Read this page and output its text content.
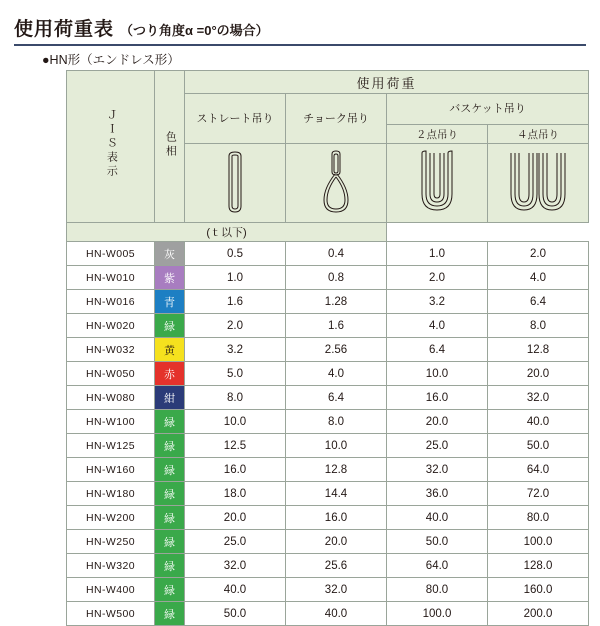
使用荷重表 （つり角度α =0°の場合）
●HN形（エンドレス形）
ＪＩＳ表示	色相	使用荷重			
		ストレート吊り	チョーク吊り	バスケット吊り	
				２点吊り	４点吊り

(ｔ以下)					
HN-W005	灰	0.5	0.4	1.0	2.0
HN-W010	紫	1.0	0.8	2.0	4.0
HN-W016	青	1.6	1.28	3.2	6.4
HN-W020	緑	2.0	1.6	4.0	8.0
HN-W032	黄	3.2	2.56	6.4	12.8
HN-W050	赤	5.0	4.0	10.0	20.0
HN-W080	紺	8.0	6.4	16.0	32.0
HN-W100	緑	10.0	8.0	20.0	40.0
HN-W125	緑	12.5	10.0	25.0	50.0
HN-W160	緑	16.0	12.8	32.0	64.0
HN-W180	緑	18.0	14.4	36.0	72.0
HN-W200	緑	20.0	16.0	40.0	80.0
HN-W250	緑	25.0	20.0	50.0	100.0
HN-W320	緑	32.0	25.6	64.0	128.0
HN-W400	緑	40.0	32.0	80.0	160.0
HN-W500	緑	50.0	40.0	100.0	200.0
